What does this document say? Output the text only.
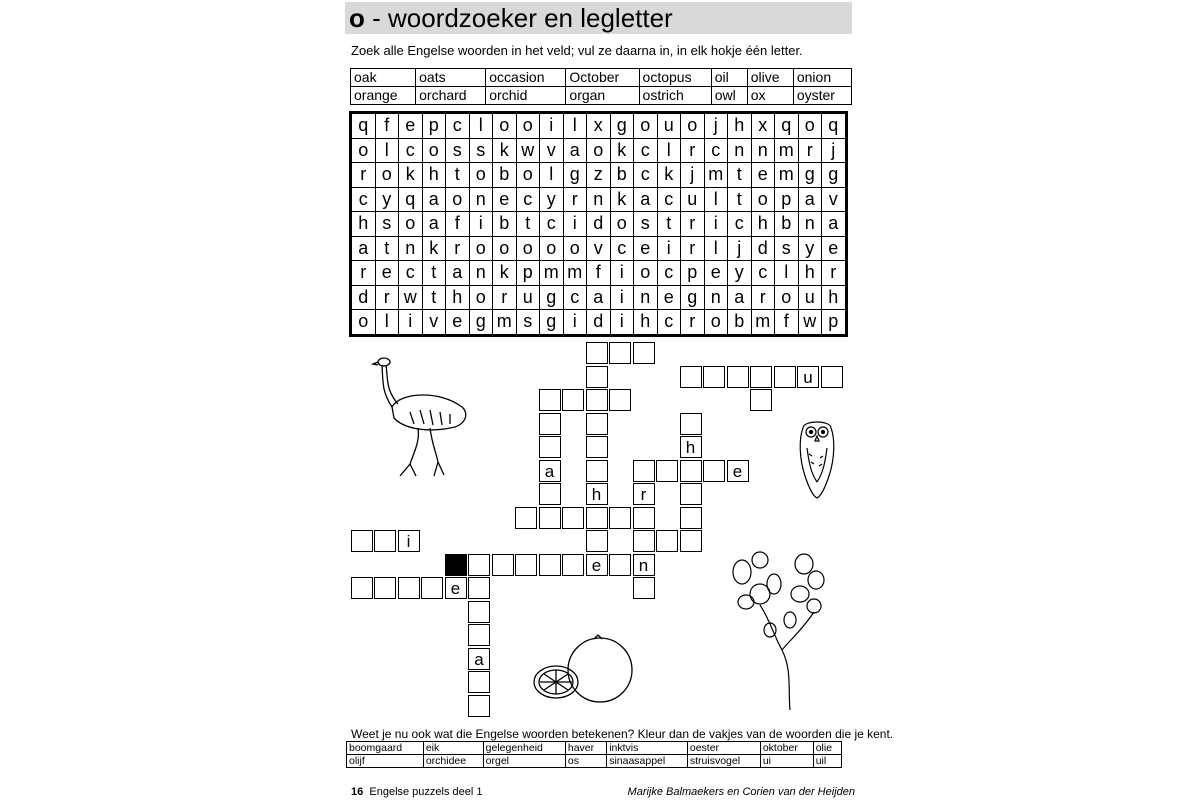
o - woordzoeker en legletter
Zoek alle Engelse woorden in het veld; vul ze daarna in, in elk hokje één letter.
oak	oats	occasion	October	octopus	oil	olive	onion
orange	orchard	orchid	organ	ostrich	owl	ox	oyster
q	f	e	p	c	l	o	o	i	l	x	g	o	u	o	j	h	x	q	o	q
o	l	c	o	s	s	k	w	v	a	o	k	c	l	r	c	n	n	m	r	j
r	o	k	h	t	o	b	o	l	g	z	b	c	k	j	m	t	e	m	g	g
c	y	q	a	o	n	e	c	y	r	n	k	a	c	u	l	t	o	p	a	v
h	s	o	a	f	i	b	t	c	i	d	o	s	t	r	i	c	h	b	n	a
a	t	n	k	r	o	o	o	o	o	v	c	e	i	r	l	j	d	s	y	e
r	e	c	t	a	n	k	p	m	m	f	i	o	c	p	e	y	c	l	h	r
d	r	w	t	h	o	r	u	g	c	a	i	n	e	g	n	a	r	o	u	h
o	l	i	v	e	g	m	s	g	i	d	i	h	c	r	o	b	m	f	w	p
u
h
e
a
h
r
n
e
i
e
a
Weet je nu ook wat die Engelse woorden betekenen? Kleur dan de vakjes van de woorden die je kent.
boomgaard	eik	gelegenheid	haver	inktvis	oester	oktober	olie
olijf	orchidee	orgel	os	sinaasappel	struisvogel	ui	uil
16 Engelse puzzels deel 1	Marijke Balmaekers en Corien van der Heijden
